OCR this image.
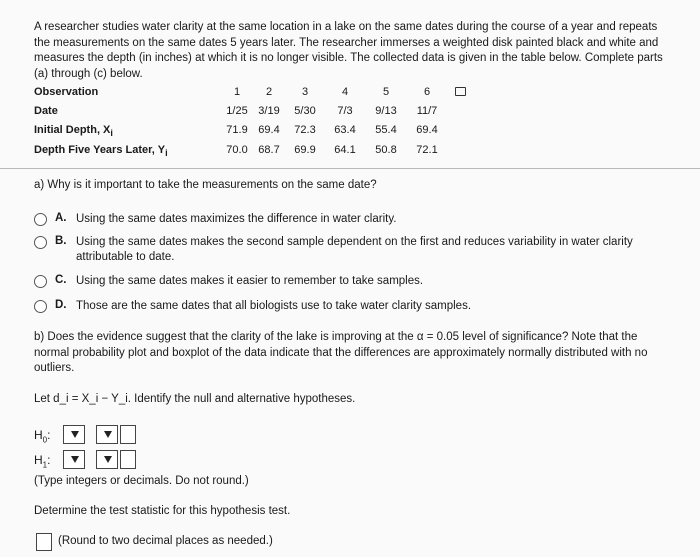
A researcher studies water clarity at the same location in a lake on the same dates during the course of a year and repeats the measurements on the same dates 5 years later. The researcher immerses a weighted disk painted black and white and measures the depth (in inches) at which it is no longer visible. The collected data is given in the table below. Complete parts (a) through (c) below.
Observation	1	2	3	4	5	6
Date	1/25 3/19	5/30	7/3	9/13	11/7
Initial Depth, $X_i$	71.9 69.4	72.3	63.4	55.4	69.4
Depth Five Years Later, $Y_i$	70.0 68.7	69.9	64.1	50.8	72.1
a) Why is it important to take the measurements on the same date?
A. Using the same dates maximizes the difference in water clarity.
B. Using the same dates makes the second sample dependent on the first and reduces variability in water clarity attributable to date.
C. Using the same dates makes it easier to remember to take samples.
D. Those are the same dates that all biologists use to take water clarity samples.
b) Does the evidence suggest that the clarity of the lake is improving at the α = 0.05 level of significance? Note that the normal probability plot and boxplot of the data indicate that the differences are approximately normally distributed with no outliers.
Let d_i = X_i − Y_i. Identify the null and alternative hypotheses.
$H_0$:
$H_1$:
(Type integers or decimals. Do not round.)
Determine the test statistic for this hypothesis test.
(Round to two decimal places as needed.)
